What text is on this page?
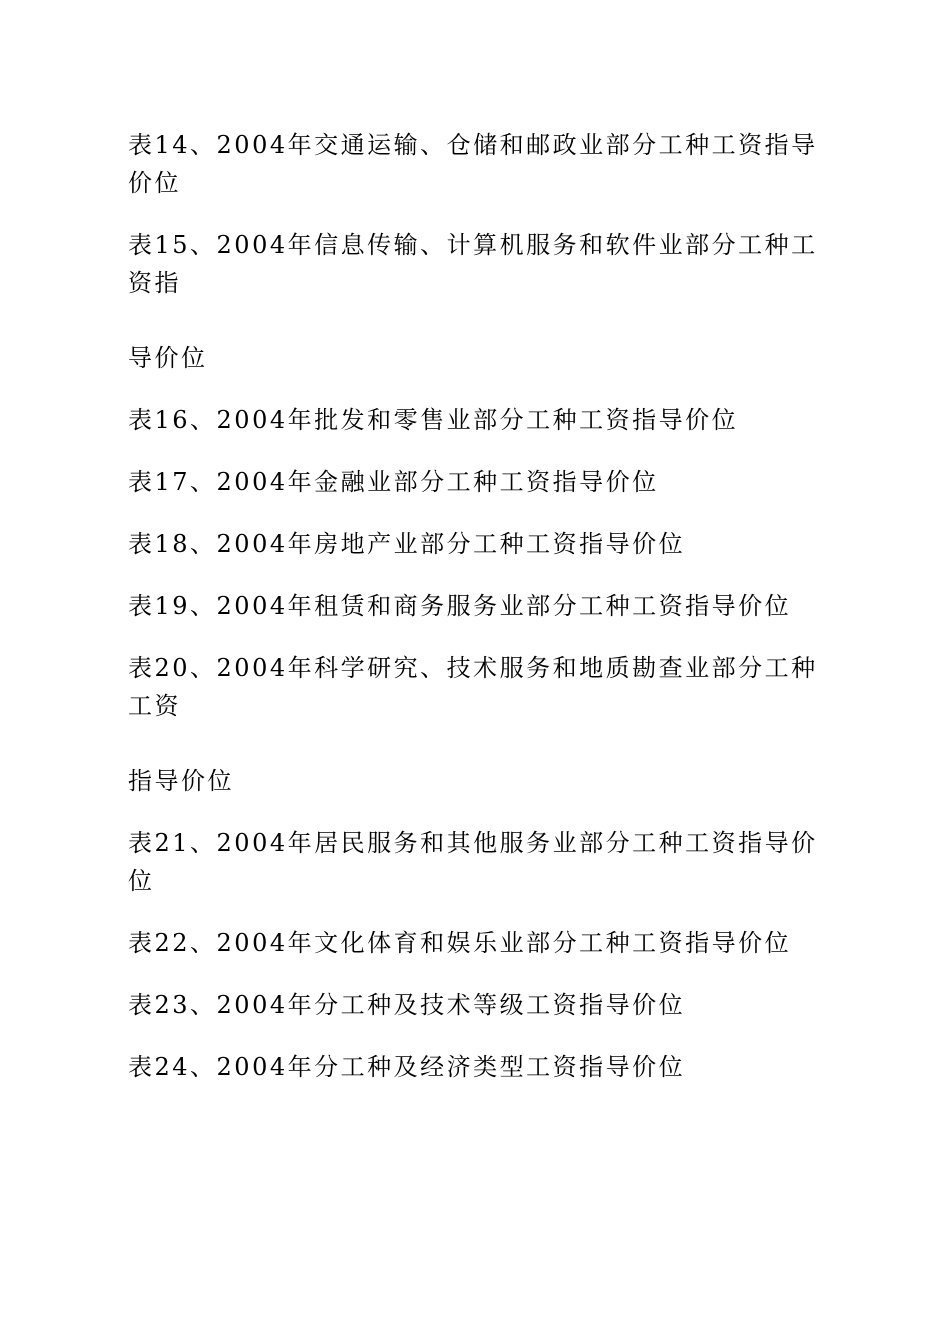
表14、2004年交通运输、仓储和邮政业部分工种工资指导价位
表15、2004年信息传输、计算机服务和软件业部分工种工资指
导价位
表16、2004年批发和零售业部分工种工资指导价位
表17、2004年金融业部分工种工资指导价位
表18、2004年房地产业部分工种工资指导价位
表19、2004年租赁和商务服务业部分工种工资指导价位
表20、2004年科学研究、技术服务和地质勘查业部分工种工资
指导价位
表21、2004年居民服务和其他服务业部分工种工资指导价位
表22、2004年文化体育和娱乐业部分工种工资指导价位
表23、2004年分工种及技术等级工资指导价位
表24、2004年分工种及经济类型工资指导价位
